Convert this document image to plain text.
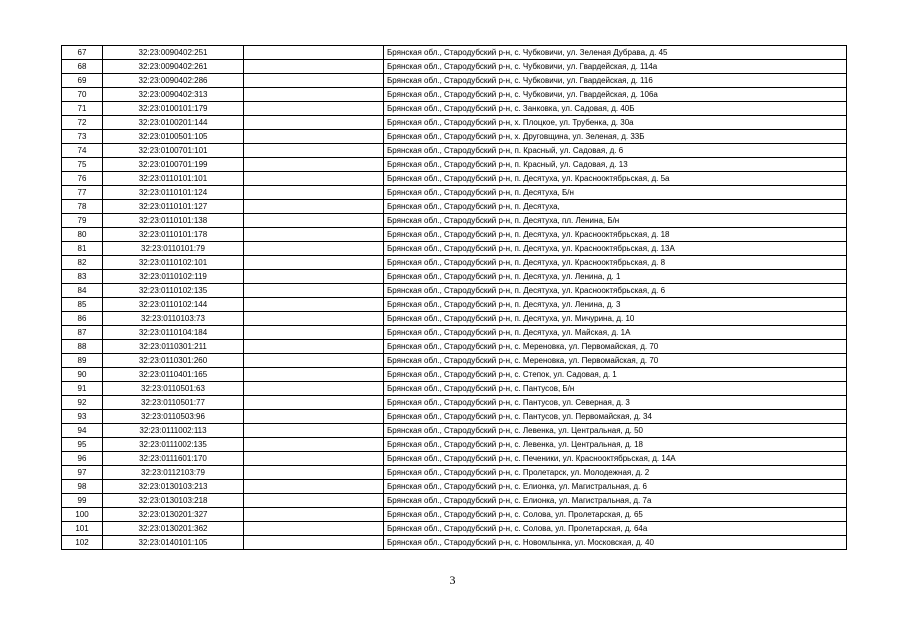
67	32:23:0090402:251		Брянская обл., Стародубский р-н, с. Чубковичи, ул. Зеленая Дубрава, д. 45
68	32:23:0090402:261		Брянская обл., Стародубский р-н, с. Чубковичи, ул. Гвардейская, д. 114а
69	32:23:0090402:286		Брянская обл., Стародубский р-н, с. Чубковичи, ул. Гвардейская, д. 116
70	32:23:0090402:313		Брянская обл., Стародубский р-н, с. Чубковичи, ул. Гвардейская, д. 106а
71	32:23:0100101:179		Брянская обл., Стародубский р-н, с. Занковка, ул. Садовая, д. 40Б
72	32:23:0100201:144		Брянская обл., Стародубский р-н, х. Плоцкое, ул. Трубенка, д. 30а
73	32:23:0100501:105		Брянская обл., Стародубский р-н, х. Друговщина, ул. Зеленая, д. 33Б
74	32:23:0100701:101		Брянская обл., Стародубский р-н, п. Красный, ул. Садовая, д. 6
75	32:23:0100701:199		Брянская обл., Стародубский р-н, п. Красный, ул. Садовая, д. 13
76	32:23:0110101:101		Брянская обл., Стародубский р-н, п. Десятуха, ул. Краснооктябрьская, д. 5а
77	32:23:0110101:124		Брянская обл., Стародубский р-н, п. Десятуха, Б/н
78	32:23:0110101:127		Брянская обл., Стародубский р-н, п. Десятуха,
79	32:23:0110101:138		Брянская обл., Стародубский р-н, п. Десятуха, пл. Ленина, Б/н
80	32:23:0110101:178		Брянская обл., Стародубский р-н, п. Десятуха, ул. Краснооктябрьская, д. 18
81	32:23:0110101:79		Брянская обл., Стародубский р-н, п. Десятуха, ул. Краснооктябрьская, д. 13А
82	32:23:0110102:101		Брянская обл., Стародубский р-н, п. Десятуха, ул. Краснооктябрьская, д. 8
83	32:23:0110102:119		Брянская обл., Стародубский р-н, п. Десятуха, ул. Ленина, д. 1
84	32:23:0110102:135		Брянская обл., Стародубский р-н, п. Десятуха, ул. Краснооктябрьская, д. 6
85	32:23:0110102:144		Брянская обл., Стародубский р-н, п. Десятуха, ул. Ленина, д. 3
86	32:23:0110103:73		Брянская обл., Стародубский р-н, п. Десятуха, ул. Мичурина, д. 10
87	32:23:0110104:184		Брянская обл., Стародубский р-н, п. Десятуха, ул. Майская, д. 1А
88	32:23:0110301:211		Брянская обл., Стародубский р-н, с. Мереновка, ул. Первомайская, д. 70
89	32:23:0110301:260		Брянская обл., Стародубский р-н, с. Мереновка, ул. Первомайская, д. 70
90	32:23:0110401:165		Брянская обл., Стародубский р-н, с. Степок, ул. Садовая, д. 1
91	32:23:0110501:63		Брянская обл., Стародубский р-н, с. Пантусов, Б/н
92	32:23:0110501:77		Брянская обл., Стародубский р-н, с. Пантусов, ул. Северная, д. 3
93	32:23:0110503:96		Брянская обл., Стародубский р-н, с. Пантусов, ул. Первомайская, д. 34
94	32:23:0111002:113		Брянская обл., Стародубский р-н, с. Левенка, ул. Центральная, д. 50
95	32:23:0111002:135		Брянская обл., Стародубский р-н, с. Левенка, ул. Центральная, д. 18
96	32:23:0111601:170		Брянская обл., Стародубский р-н, с. Печеники, ул. Краснооктябрьская, д. 14А
97	32:23:0112103:79		Брянская обл., Стародубский р-н, с. Пролетарск, ул. Молодежная, д. 2
98	32:23:0130103:213		Брянская обл., Стародубский р-н, с. Елионка, ул. Магистральная, д. 6
99	32:23:0130103:218		Брянская обл., Стародубский р-н, с. Елионка, ул. Магистральная, д. 7а
100	32:23:0130201:327		Брянская обл., Стародубский р-н, с. Солова, ул. Пролетарская, д. 65
101	32:23:0130201:362		Брянская обл., Стародубский р-н, с. Солова, ул. Пролетарская, д. 64а
102	32:23:0140101:105		Брянская обл., Стародубский р-н, с. Новомлынка, ул. Московская, д. 40
3
